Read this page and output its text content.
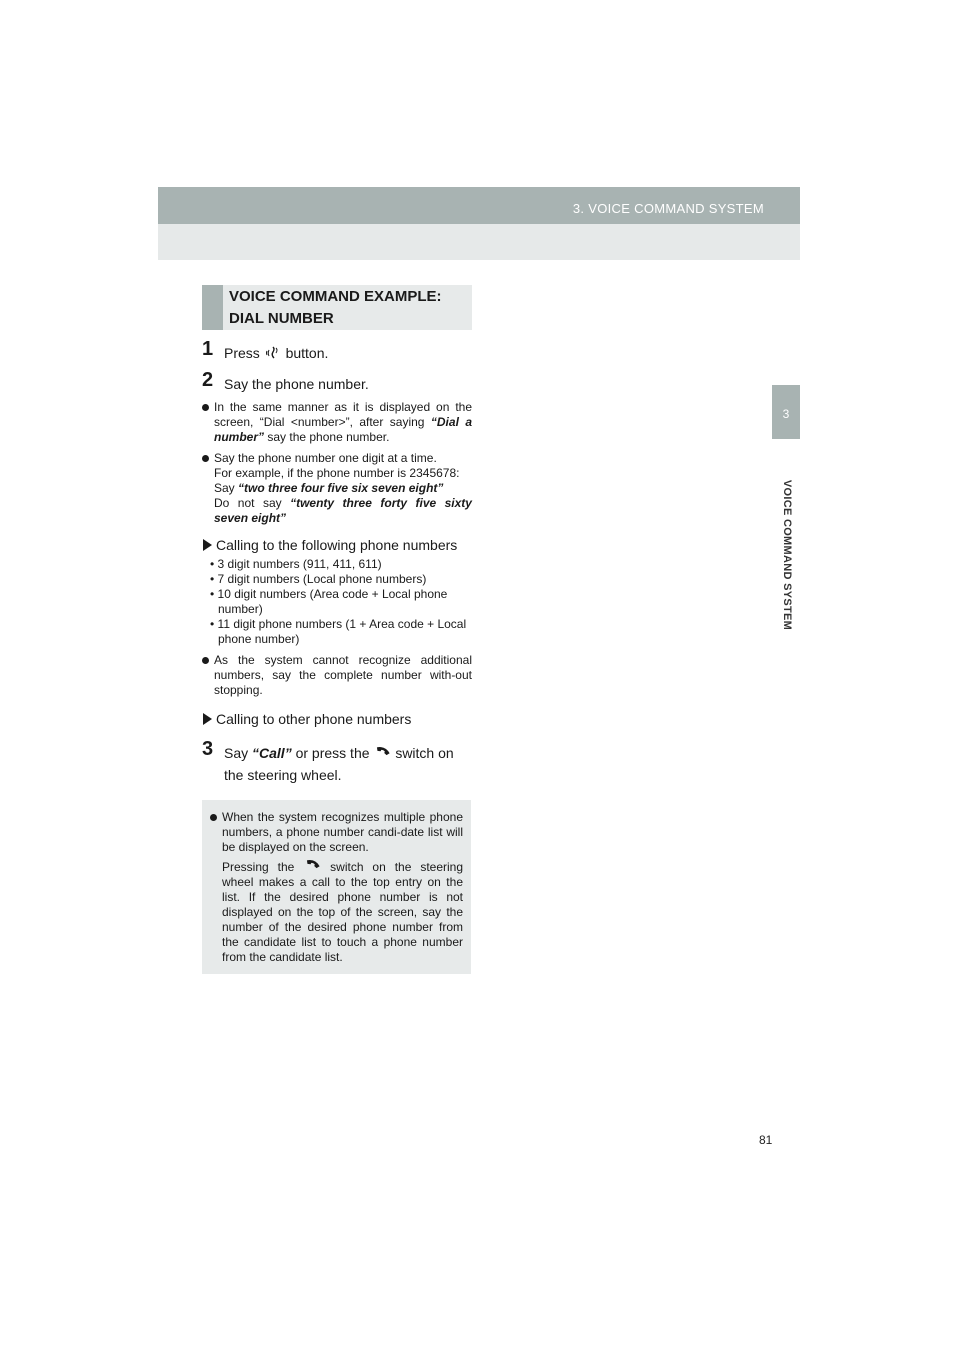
3. VOICE COMMAND SYSTEM
3
VOICE COMMAND SYSTEM
VOICE COMMAND EXAMPLE:
DIAL NUMBER
1 Press button.
2 Say the phone number.
In the same manner as it is displayed on the screen, “Dial <number>”, after saying “Dial a number” say the phone number.
Say the phone number one digit at a time.
For example, if the phone number is 2345678:
Say “two three four five six seven eight”
Do not say “twenty three forty five sixty seven eight”
Calling to the following phone numbers
• 3 digit numbers (911, 411, 611)
• 7 digit numbers (Local phone numbers)
• 10 digit numbers (Area code + Local phone number)
• 11 digit phone numbers (1 + Area code + Local phone number)
As the system cannot recognize additional numbers, say the complete number with-out stopping.
Calling to other phone numbers
3 Say “Call” or press the switch on the steering wheel.
When the system recognizes multiple phone numbers, a phone number candi-date list will be displayed on the screen.
Pressing the	switch on the steering wheel makes a call to the top entry on the list. If the desired phone number is not displayed on the top of the screen, say the number of the desired phone number from the candidate list to touch a phone number from the candidate list.
81
